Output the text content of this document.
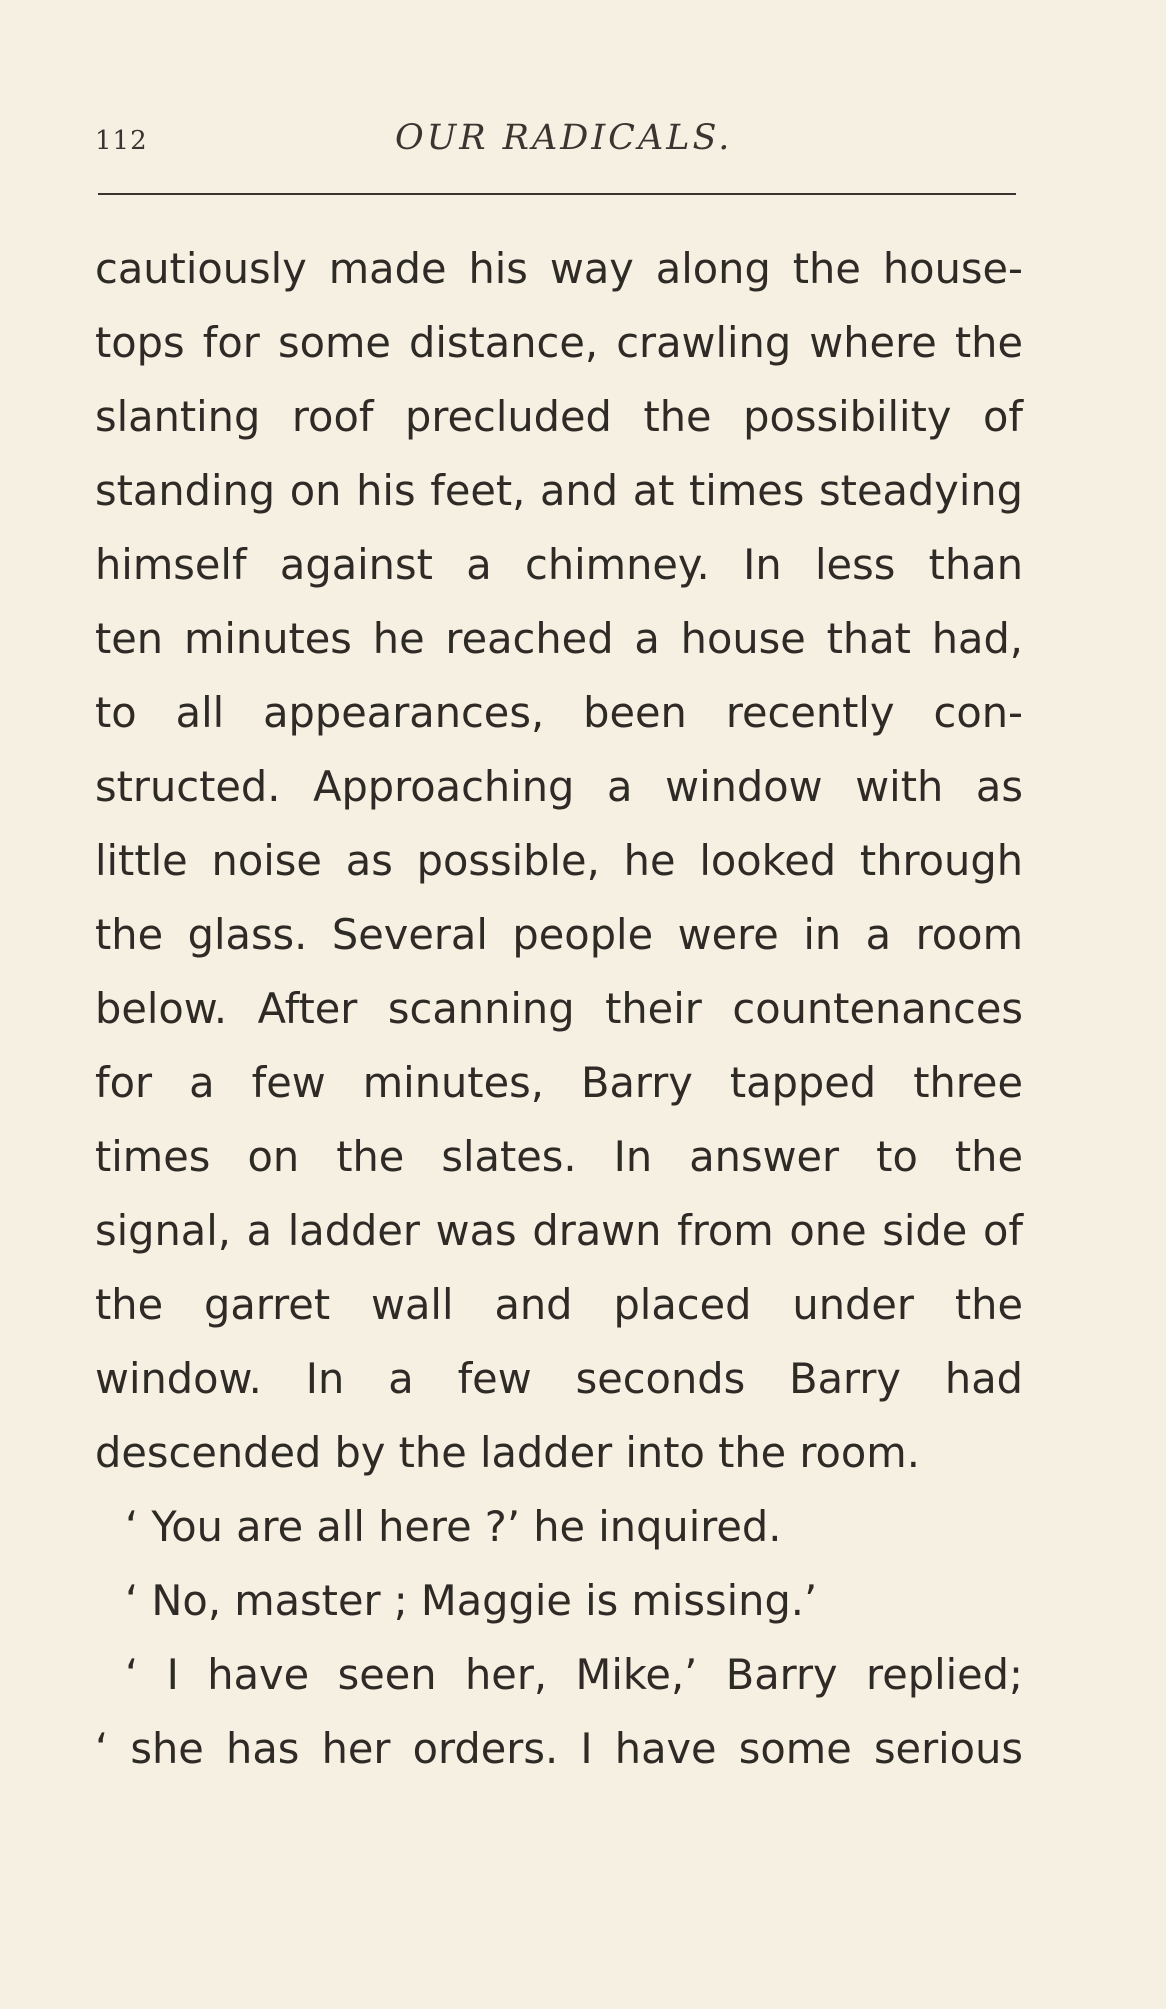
112	OUR RADICALS.
cautiously made his way along the house-
tops for some distance, crawling where the
slanting roof precluded the possibility of
standing on his feet, and at times steadying
himself against a chimney. In less than
ten minutes he reached a house that had,
to all appearances, been recently con-
structed. Approaching a window with as
little noise as possible, he looked through
the glass. Several people were in a room
below. After scanning their countenances
for a few minutes, Barry tapped three
times on the slates. In answer to the
signal, a ladder was drawn from one side of
the garret wall and placed under the
window. In a few seconds Barry had
descended by the ladder into the room.
‘ You are all here ?’ he inquired.
‘ No, master ; Maggie is missing.’
‘ I have seen her, Mike,’ Barry replied;
‘ she has her orders. I have some serious
